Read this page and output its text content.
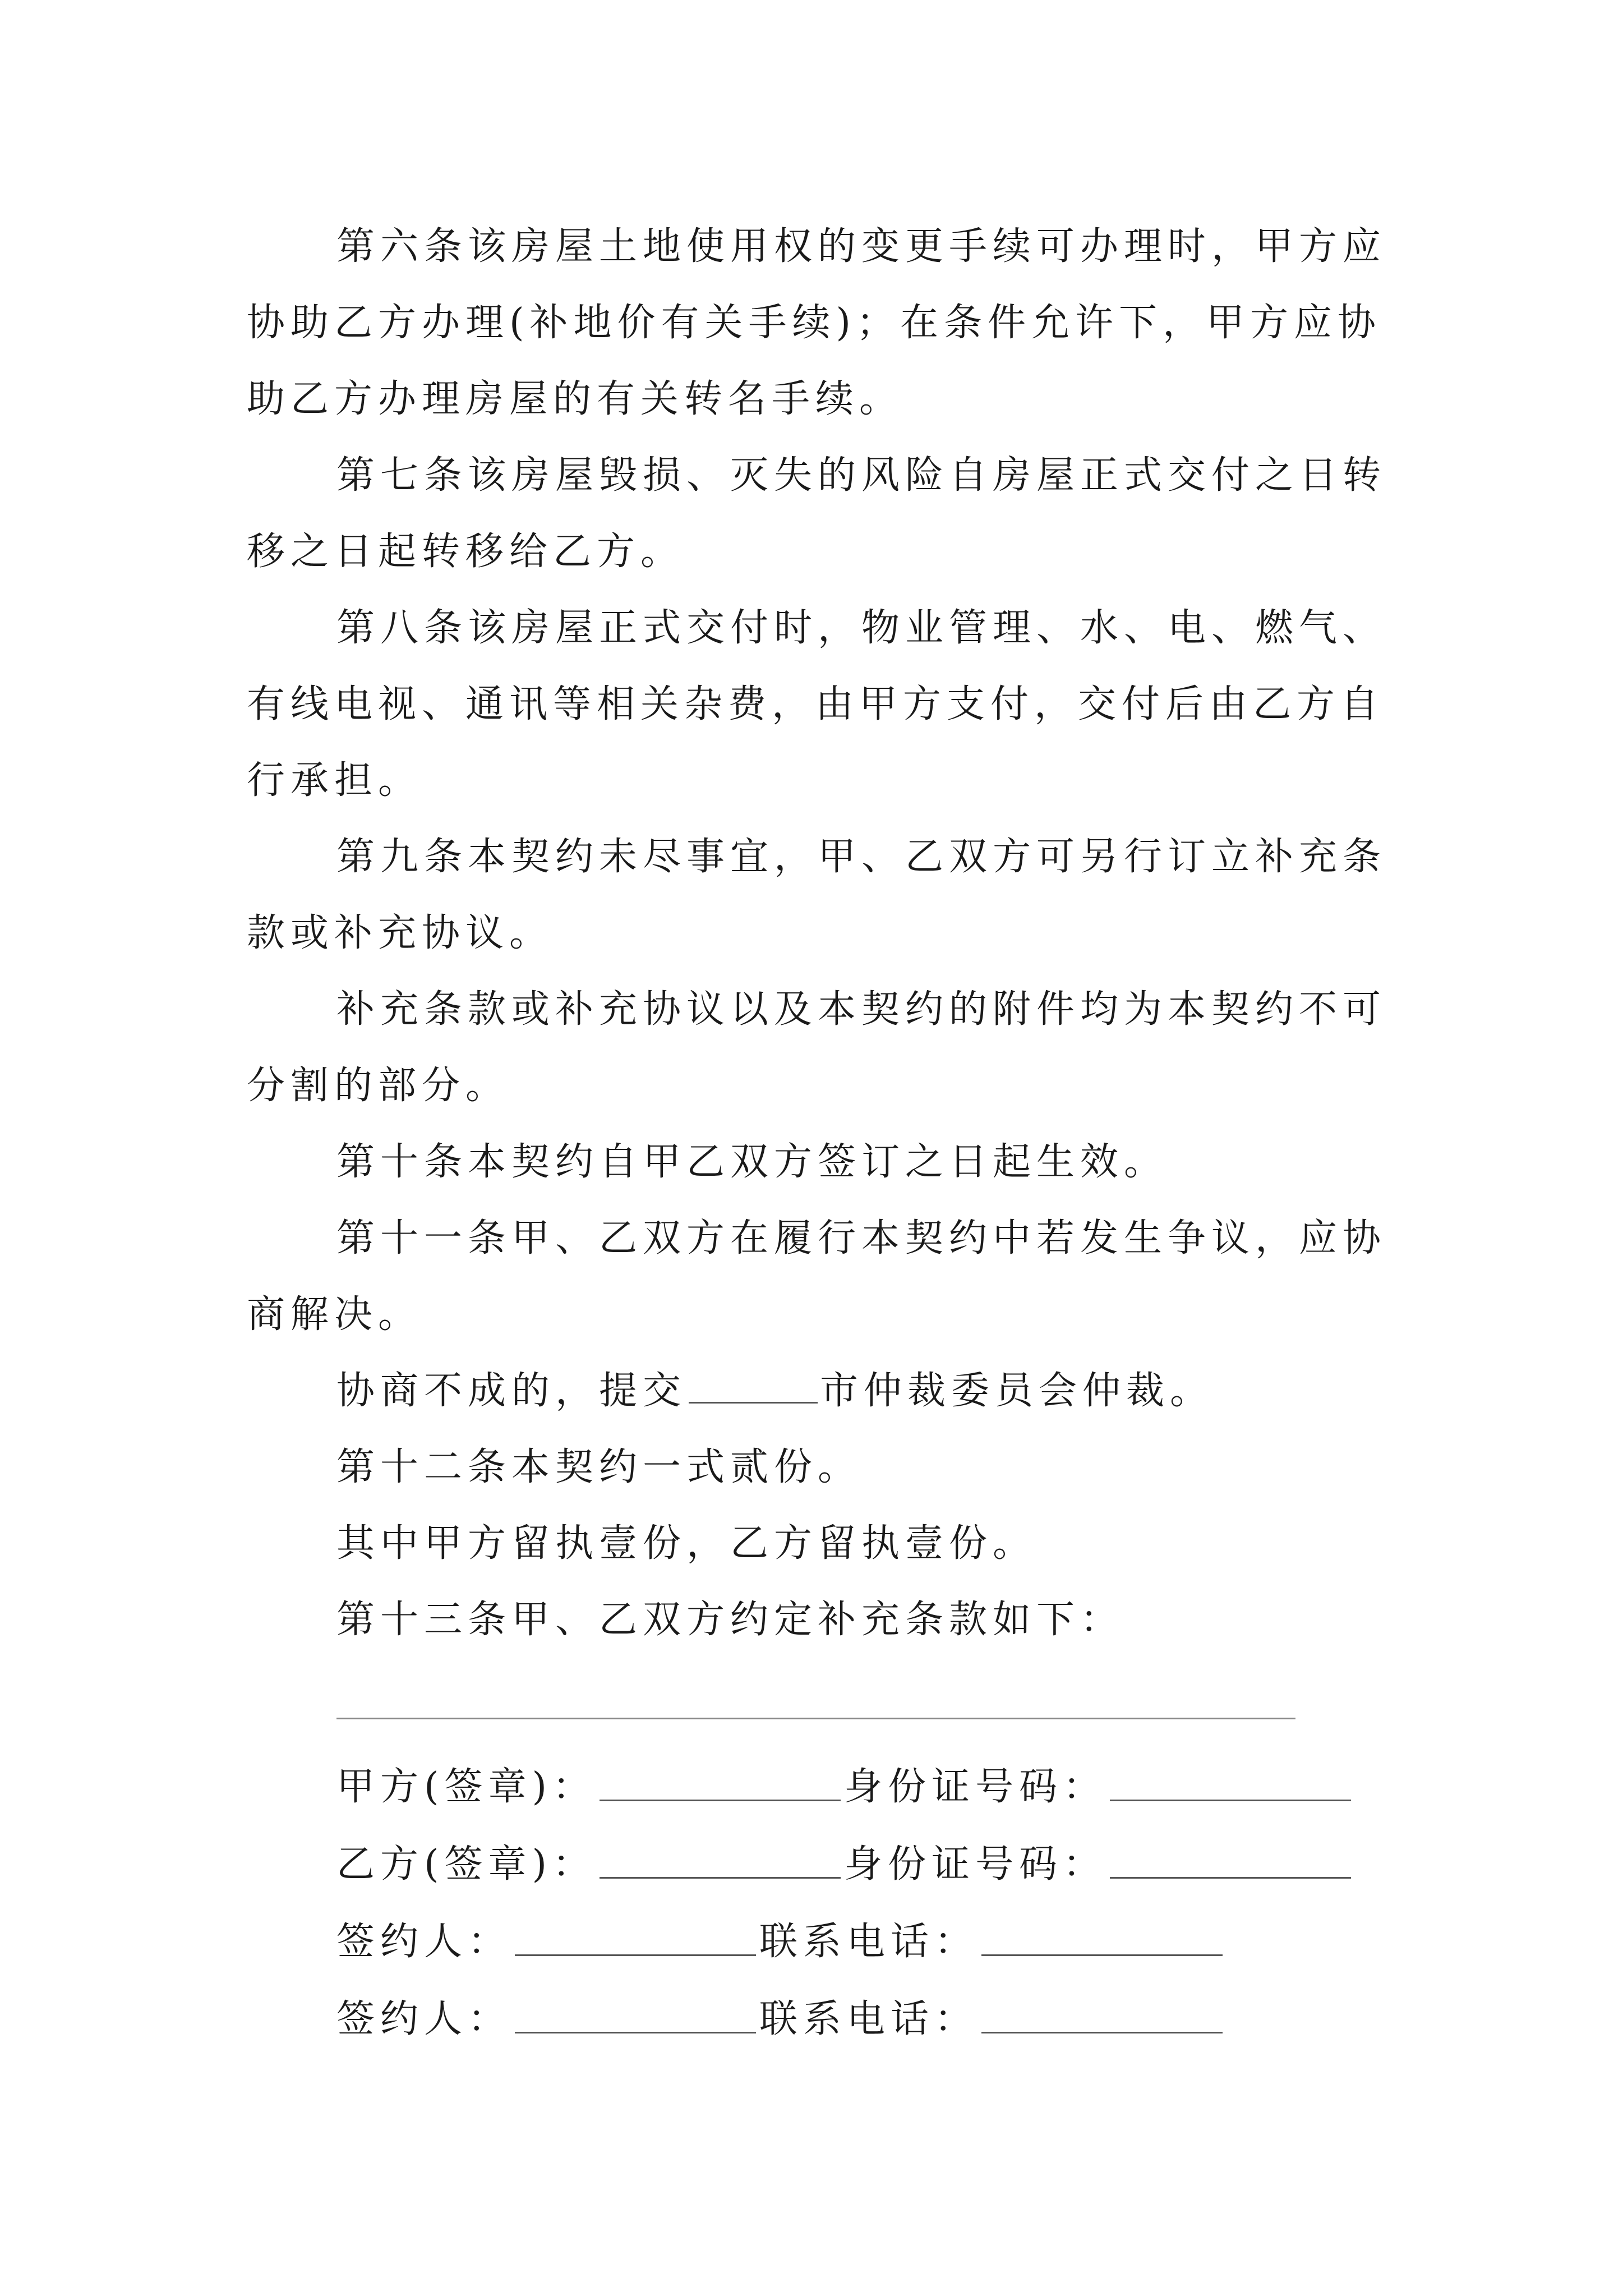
第六条该房屋土地使用权的变更手续可办理时，甲方应协助乙方办理(补地价有关手续)；在条件允许下，甲方应协助乙方办理房屋的有关转名手续。

第七条该房屋毁损、灭失的风险自房屋正式交付之日转移之日起转移给乙方。

第八条该房屋正式交付时，物业管理、水、电、燃气、有线电视、通讯等相关杂费，由甲方支付，交付后由乙方自行承担。

第九条本契约未尽事宜，甲、乙双方可另行订立补充条款或补充协议。

补充条款或补充协议以及本契约的附件均为本契约不可分割的部分。

第十条本契约自甲乙双方签订之日起生效。

第十一条甲、乙双方在履行本契约中若发生争议，应协商解决。

协商不成的，提交	市仲裁委员会仲裁。

第十二条本契约一式贰份。

其中甲方留执壹份，乙方留执壹份。

第十三条甲、乙双方约定补充条款如下：

甲方(签章)：	身份证号码：
乙方(签章)：	身份证号码：
签约人：	联系电话：
签约人：	联系电话：
